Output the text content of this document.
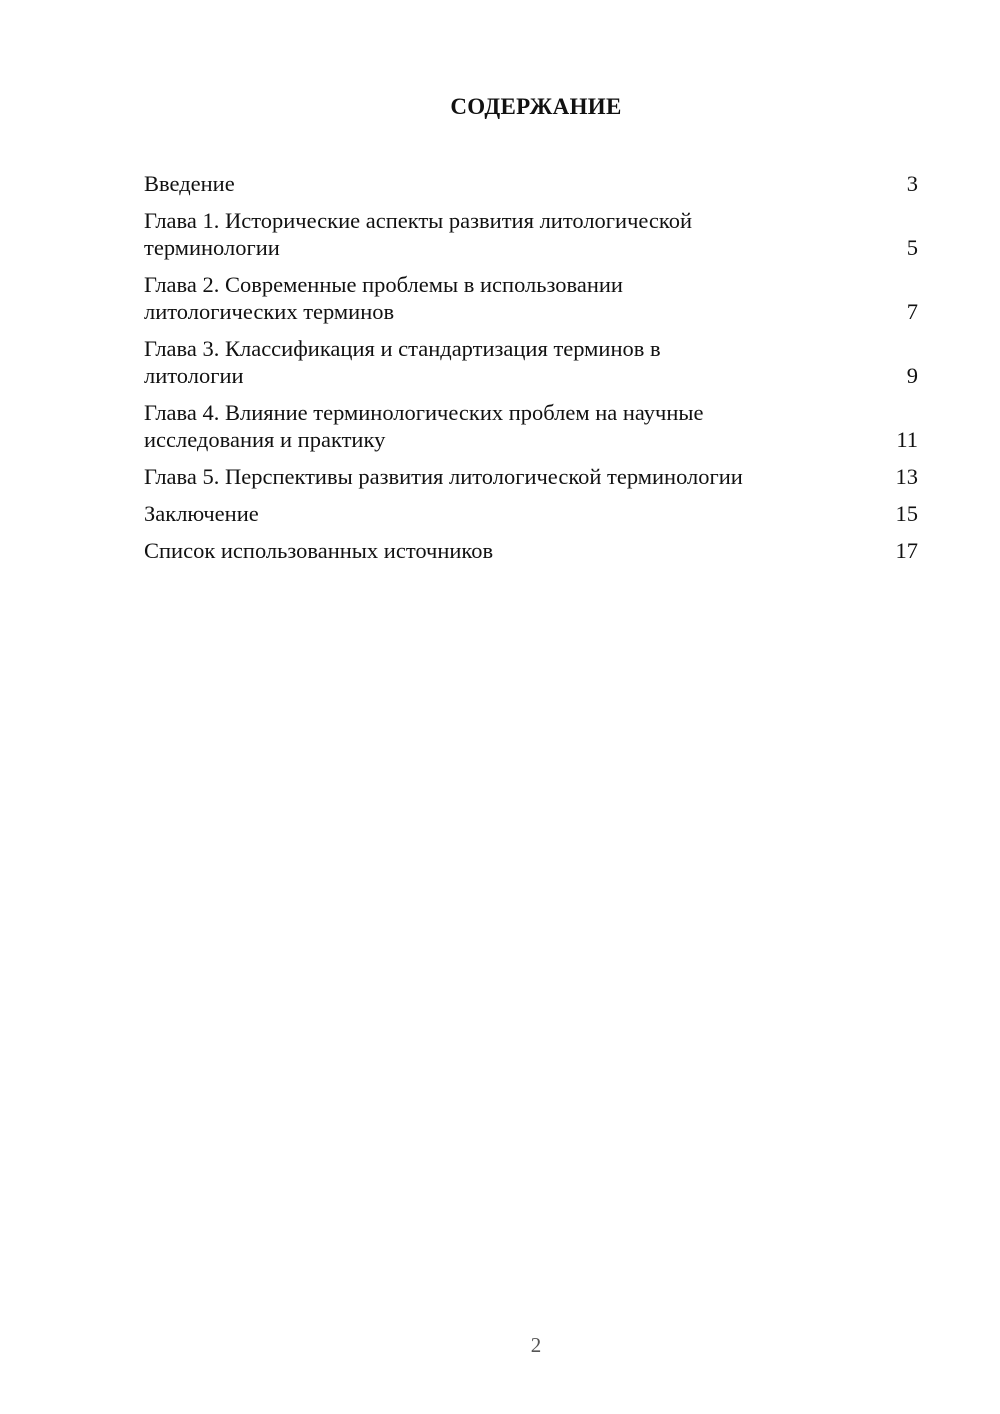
СОДЕРЖАНИЕ
Введение	3
Глава 1. Исторические аспекты развития литологической терминологии	5
Глава 2. Современные проблемы в использовании литологических терминов	7
Глава 3. Классификация и стандартизация терминов в литологии	9
Глава 4. Влияние терминологических проблем на научные исследования и практику	11
Глава 5. Перспективы развития литологической терминологии	13
Заключение	15
Список использованных источников	17
2
